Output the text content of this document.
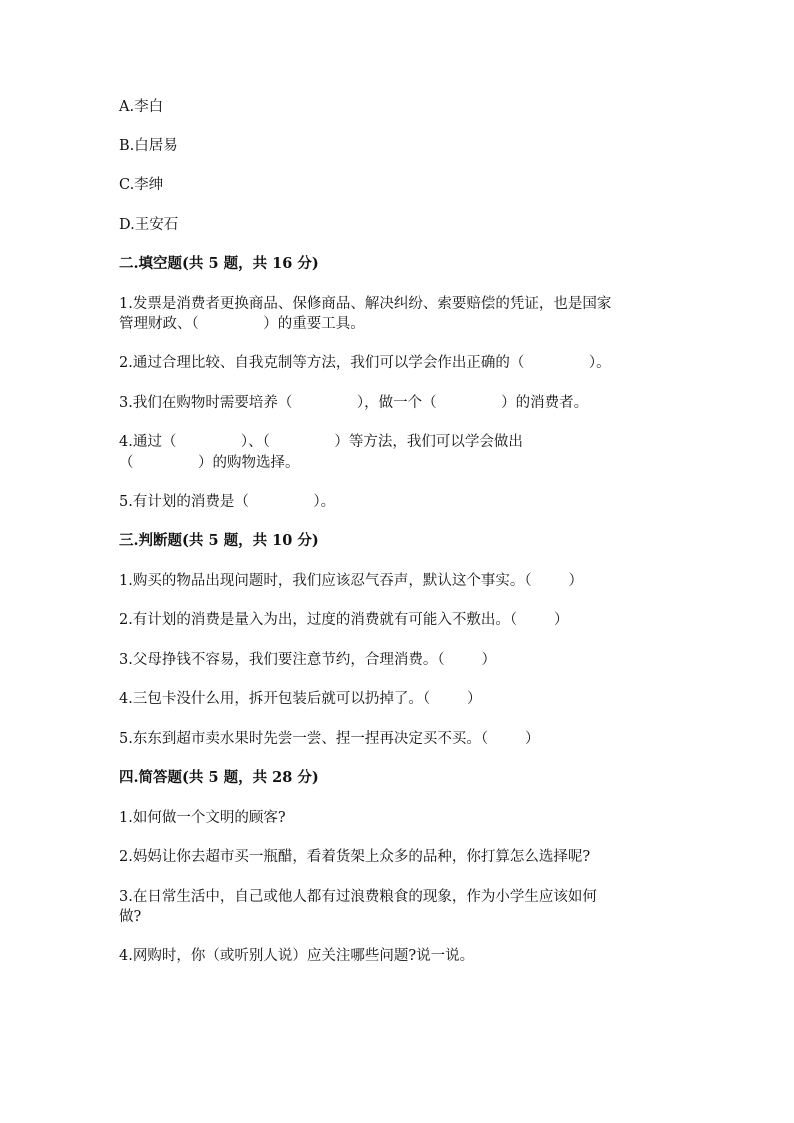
A.李白
B.白居易
C.李绅
D.王安石
二.填空题(共 5 题，共 16 分)
1.发票是消费者更换商品、保修商品、解决纠纷、索要赔偿的凭证，也是国家
管理财政、（              ）的重要工具。
2.通过合理比较、自我克制等方法，我们可以学会作出正确的（              ）。
3.我们在购物时需要培养（              ），做一个（              ）的消费者。
4.通过（              ）、（              ）等方法，我们可以学会做出
（              ）的购物选择。
5.有计划的消费是（              ）。
三.判断题(共 5 题，共 10 分)
1.购买的物品出现问题时，我们应该忍气吞声，默认这个事实。（        ）
2.有计划的消费是量入为出，过度的消费就有可能入不敷出。（        ）
3.父母挣钱不容易，我们要注意节约，合理消费。（        ）
4.三包卡没什么用，拆开包装后就可以扔掉了。（        ）
5.东东到超市卖水果时先尝一尝、捏一捏再决定买不买。（        ）
四.简答题(共 5 题，共 28 分)
1.如何做一个文明的顾客?
2.妈妈让你去超市买一瓶醋，看着货架上众多的品种，你打算怎么选择呢?
3.在日常生活中，自己或他人都有过浪费粮食的现象，作为小学生应该如何
做?
4.网购时，你（或听别人说）应关注哪些问题?说一说。
